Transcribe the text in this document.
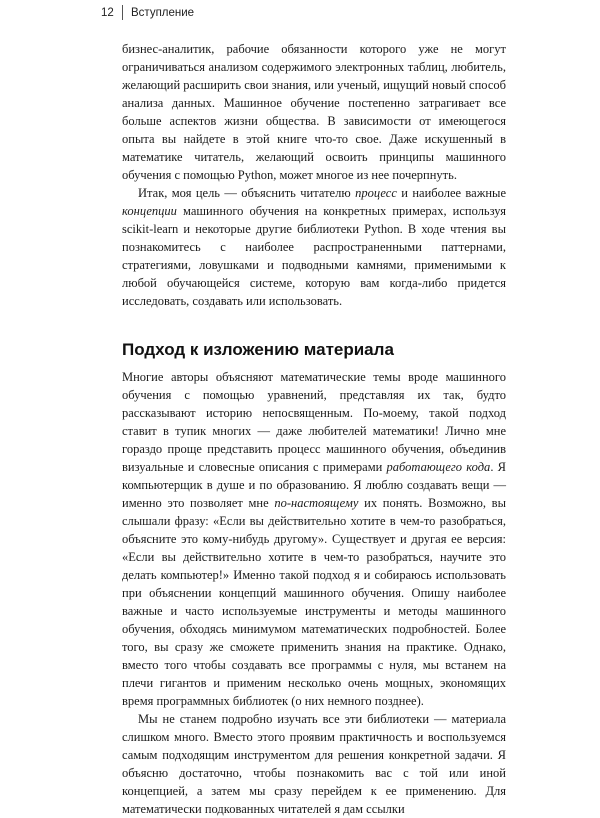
12 Вступление

бизнес-аналитик, рабочие обязанности которого уже не могут ограничиваться анализом содержимого электронных таблиц, любитель, желающий расширить свои знания, или ученый, ищущий новый способ анализа данных. Машинное обучение постепенно затрагивает все больше аспектов жизни общества. В зависимости от имеющегося опыта вы найдете в этой книге что-то свое. Даже искушенный в математике читатель, желающий освоить принципы машинного обучения с помощью Python, может многое из нее почерпнуть.

Итак, моя цель — объяснить читателю процесс и наиболее важные концепции машинного обучения на конкретных примерах, используя scikit-learn и некоторые другие библиотеки Python. В ходе чтения вы познакомитесь с наиболее распространенными паттернами, стратегиями, ловушками и подводными камнями, применимыми к любой обучающейся системе, которую вам когда-либо придется исследовать, создавать или использовать.

Подход к изложению материала

Многие авторы объясняют математические темы вроде машинного обучения с помощью уравнений, представляя их так, будто рассказывают историю непосвященным. По-моему, такой подход ставит в тупик многих — даже любителей математики! Лично мне гораздо проще представить процесс машинного обучения, объединив визуальные и словесные описания с примерами работающего кода. Я компьютерщик в душе и по образованию. Я люблю создавать вещи — именно это позволяет мне по-настоящему их понять. Возможно, вы слышали фразу: «Если вы действительно хотите в чем-то разобраться, объясните это кому-нибудь другому». Существует и другая ее версия: «Если вы действительно хотите в чем-то разобраться, научите это делать компьютер!» Именно такой подход я и собираюсь использовать при объяснении концепций машинного обучения. Опишу наиболее важные и часто используемые инструменты и методы машинного обучения, обходясь минимумом математических подробностей. Более того, вы сразу же сможете применить знания на практике. Однако, вместо того чтобы создавать все программы с нуля, мы встанем на плечи гигантов и применим несколько очень мощных, экономящих время программных библиотек (о них немного позднее).

Мы не станем подробно изучать все эти библиотеки — материала слишком много. Вместо этого проявим практичность и воспользуемся самым подходящим инструментом для решения конкретной задачи. Я объясню достаточно, чтобы познакомить вас с той или иной концепцией, а затем мы сразу перейдем к ее применению. Для математически подкованных читателей я дам ссылки
